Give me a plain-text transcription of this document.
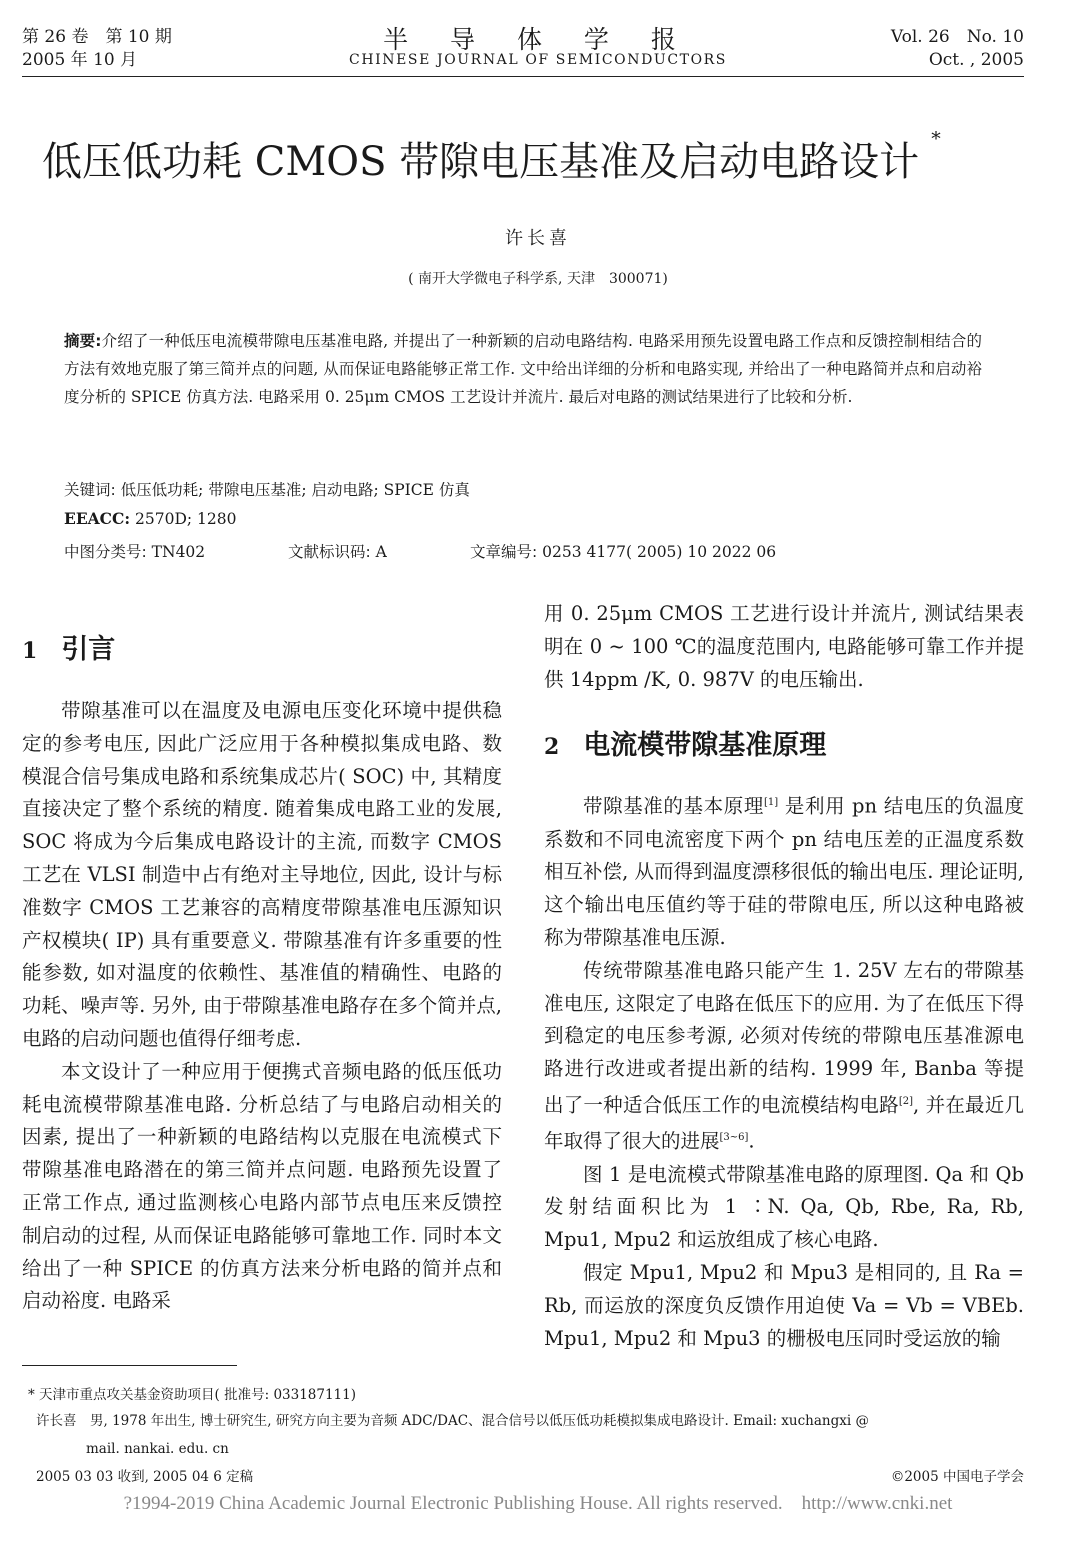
第 26 卷　第 10 期
2005 年 10 月
半 导 体 学 报
CHINESE JOURNAL OF SEMICONDUCTORS
Vol. 26　No. 10
Oct. , 2005
低压低功耗 CMOS 带隙电压基准及启动电路设计 *
许长喜
( 南开大学微电子科学系, 天津　300071)
摘要:介绍了一种低压电流模带隙电压基准电路, 并提出了一种新颖的启动电路结构. 电路采用预先设置电路工作点和反馈控制相结合的方法有效地克服了第三简并点的问题, 从而保证电路能够正常工作. 文中给出详细的分析和电路实现, 并给出了一种电路简并点和启动裕度分析的 SPICE 仿真方法. 电路采用 0. 25μm CMOS 工艺设计并流片. 最后对电路的测试结果进行了比较和分析.
关键词: 低压低功耗; 带隙电压基准; 启动电路; SPICE 仿真
EEACC: 2570D; 1280
中图分类号: TN402	文献标识码: A	文章编号: 0253 4177( 2005) 10 2022 06
1 引言

带隙基准可以在温度及电源电压变化环境中提供稳定的参考电压, 因此广泛应用于各种模拟集成电路、数模混合信号集成电路和系统集成芯片( SOC) 中, 其精度直接决定了整个系统的精度. 随着集成电路工业的发展, SOC 将成为今后集成电路设计的主流, 而数字 CMOS 工艺在 VLSI 制造中占有绝对主导地位, 因此, 设计与标准数字 CMOS 工艺兼容的高精度带隙基准电压源知识产权模块( IP) 具有重要意义. 带隙基准有许多重要的性能参数, 如对温度的依赖性、基准值的精确性、电路的功耗、噪声等. 另外, 由于带隙基准电路存在多个简并点, 电路的启动问题也值得仔细考虑.

本文设计了一种应用于便携式音频电路的低压低功耗电流模带隙基准电路. 分析总结了与电路启动相关的因素, 提出了一种新颖的电路结构以克服在电流模式下带隙基准电路潜在的第三简并点问题. 电路预先设置了正常工作点, 通过监测核心电路内部节点电压来反馈控制启动的过程, 从而保证电路能够可靠地工作. 同时本文给出了一种 SPICE 的仿真方法来分析电路的简并点和启动裕度. 电路采

用 0. 25μm CMOS 工艺进行设计并流片, 测试结果表明在 0 ~ 100 ℃的温度范围内, 电路能够可靠工作并提供 14ppm /K, 0. 987V 的电压输出.

2 电流模带隙基准原理

带隙基准的基本原理[1] 是利用 pn 结电压的负温度系数和不同电流密度下两个 pn 结电压差的正温度系数相互补偿, 从而得到温度漂移很低的输出电压. 理论证明, 这个输出电压值约等于硅的带隙电压, 所以这种电路被称为带隙基准电压源.

传统带隙基准电路只能产生 1. 25V 左右的带隙基准电压, 这限定了电路在低压下的应用. 为了在低压下得到稳定的电压参考源, 必须对传统的带隙电压基准源电路进行改进或者提出新的结构. 1999 年, Banba 等提出了一种适合低压工作的电流模结构电路[2], 并在最近几年取得了很大的进展[3~6].

图 1 是电流模式带隙基准电路的原理图. Qa 和 Qb 发射结面积比为 1 ∶N. Qa, Qb, Rbe, Ra, Rb, Mpu1, Mpu2 和运放组成了核心电路.

假定 Mpu1, Mpu2 和 Mpu3 是相同的, 且 Ra = Rb, 而运放的深度负反馈作用迫使 Va = Vb = VBEb. Mpu1, Mpu2 和 Mpu3 的栅极电压同时受运放的输

* 天津市重点攻关基金资助项目( 批准号: 033187111)
许长喜　男, 1978 年出生, 博士研究生, 研究方向主要为音频 ADC/DAC、混合信号以低压低功耗模拟集成电路设计. Email: xuchangxi @
mail. nankai. edu. cn
2005 03 03 收到, 2005 04 6 定稿	©2005 中国电子学会
?1994-2019 China Academic Journal Electronic Publishing House. All rights reserved.　http://www.cnki.net
